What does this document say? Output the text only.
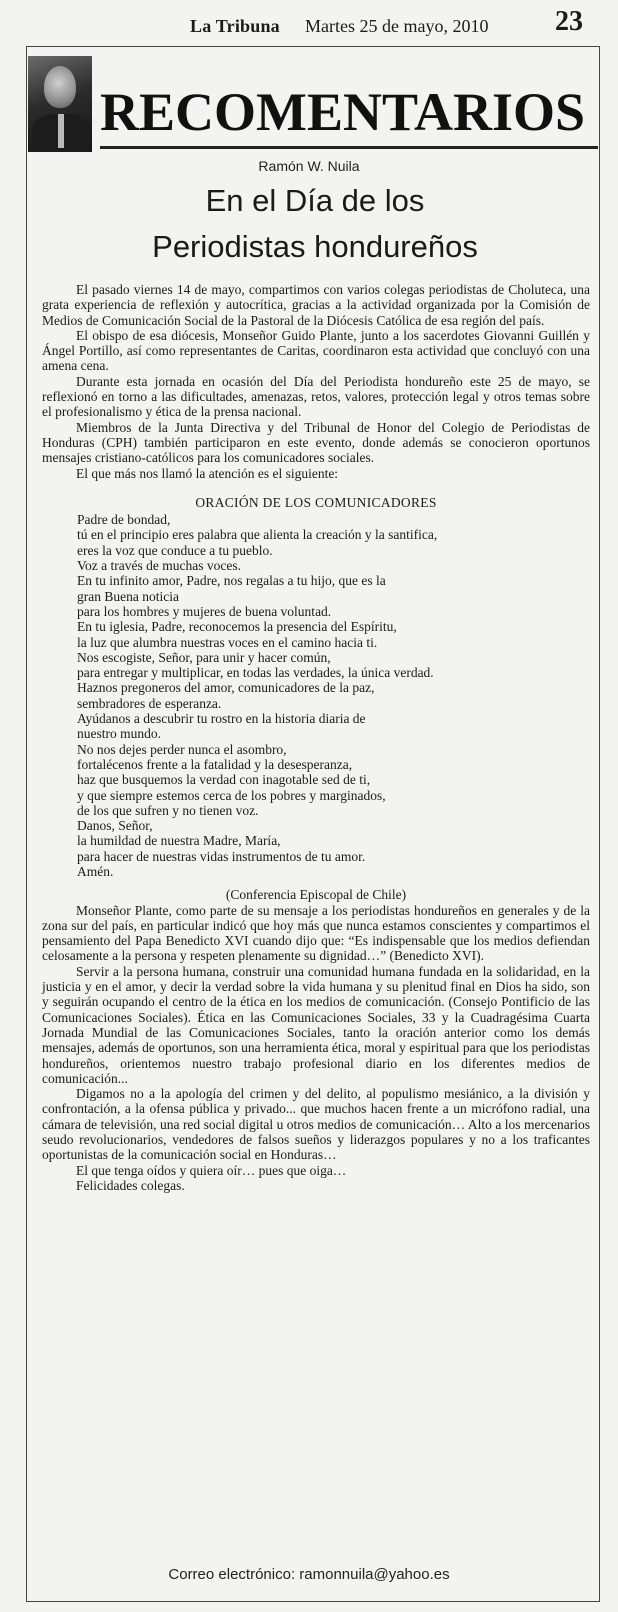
La Tribuna Martes 25 de mayo, 2010 23
RECOMENTARIOS
Ramón W. Nuila
En el Día de los
Periodistas hondureños

El pasado viernes 14 de mayo, compartimos con varios colegas periodistas de Choluteca, una grata experiencia de reflexión y autocrítica, gracias a la actividad organizada por la Comisión de Medios de Comunicación Social de la Pastoral de la Diócesis Católica de esa región del país.

El obispo de esa diócesis, Monseñor Guido Plante, junto a los sacerdotes Giovanni Guillén y Ángel Portillo, así como representantes de Caritas, coordinaron esta actividad que concluyó con una amena cena.

Durante esta jornada en ocasión del Día del Periodista hondureño este 25 de mayo, se reflexionó en torno a las dificultades, amenazas, retos, valores, protección legal y otros temas sobre el profesionalismo y ética de la prensa nacional.

Miembros de la Junta Directiva y del Tribunal de Honor del Colegio de Periodistas de Honduras (CPH) también participaron en este evento, donde además se conocieron oportunos mensajes cristiano-católicos para los comunicadores sociales.

El que más nos llamó la atención es el siguiente:

ORACIÓN DE LOS COMUNICADORES

Padre de bondad,

tú en el principio eres palabra que alienta la creación y la santifica,

eres la voz que conduce a tu pueblo.

Voz a través de muchas voces.

En tu infinito amor, Padre, nos regalas a tu hijo, que es la

gran Buena noticia

para los hombres y mujeres de buena voluntad.

En tu iglesia, Padre, reconocemos la presencia del Espíritu,

la luz que alumbra nuestras voces en el camino hacia ti.

Nos escogiste, Señor, para unir y hacer común,

para entregar y multiplicar, en todas las verdades, la única verdad.

Haznos pregoneros del amor, comunicadores de la paz,

sembradores de esperanza.

Ayúdanos a descubrir tu rostro en la historia diaria de

nuestro mundo.

No nos dejes perder nunca el asombro,

fortalécenos frente a la fatalidad y la desesperanza,

haz que busquemos la verdad con inagotable sed de ti,

y que siempre estemos cerca de los pobres y marginados,

de los que sufren y no tienen voz.

Danos, Señor,

la humildad de nuestra Madre, María,

para hacer de nuestras vidas instrumentos de tu amor.

Amén.

(Conferencia Episcopal de Chile)

Monseñor Plante, como parte de su mensaje a los periodistas hondureños en generales y de la zona sur del país, en particular indicó que hoy más que nunca estamos conscientes y compartimos el pensamiento del Papa Benedicto XVI cuando dijo que: “Es indispensable que los medios defiendan celosamente a la persona y respeten plenamente su dignidad…” (Benedicto XVI).

Servir a la persona humana, construir una comunidad humana fundada en la solidaridad, en la justicia y en el amor, y decir la verdad sobre la vida humana y su plenitud final en Dios ha sido, son y seguirán ocupando el centro de la ética en los medios de comunicación. (Consejo Pontificio de las Comunicaciones Sociales). Ética en las Comunicaciones Sociales, 33 y la Cuadragésima Cuarta Jornada Mundial de las Comunicaciones Sociales, tanto la oración anterior como los demás mensajes, además de oportunos, son una herramienta ética, moral y espiritual para que los periodistas hondureños, orientemos nuestro trabajo profesional diario en los diferentes medios de comunicación...

Digamos no a la apología del crimen y del delito, al populismo mesiánico, a la división y confrontación, a la ofensa pública y privado... que muchos hacen frente a un micrófono radial, una cámara de televisión, una red social digital u otros medios de comunicación… Alto a los mercenarios seudo revolucionarios, vendedores de falsos sueños y liderazgos populares y no a los traficantes oportunistas de la comunicación social en Honduras…

El que tenga oídos y quiera oír… pues que oiga…

Felicidades colegas.

Correo electrónico: ramonnuila@yahoo.es
